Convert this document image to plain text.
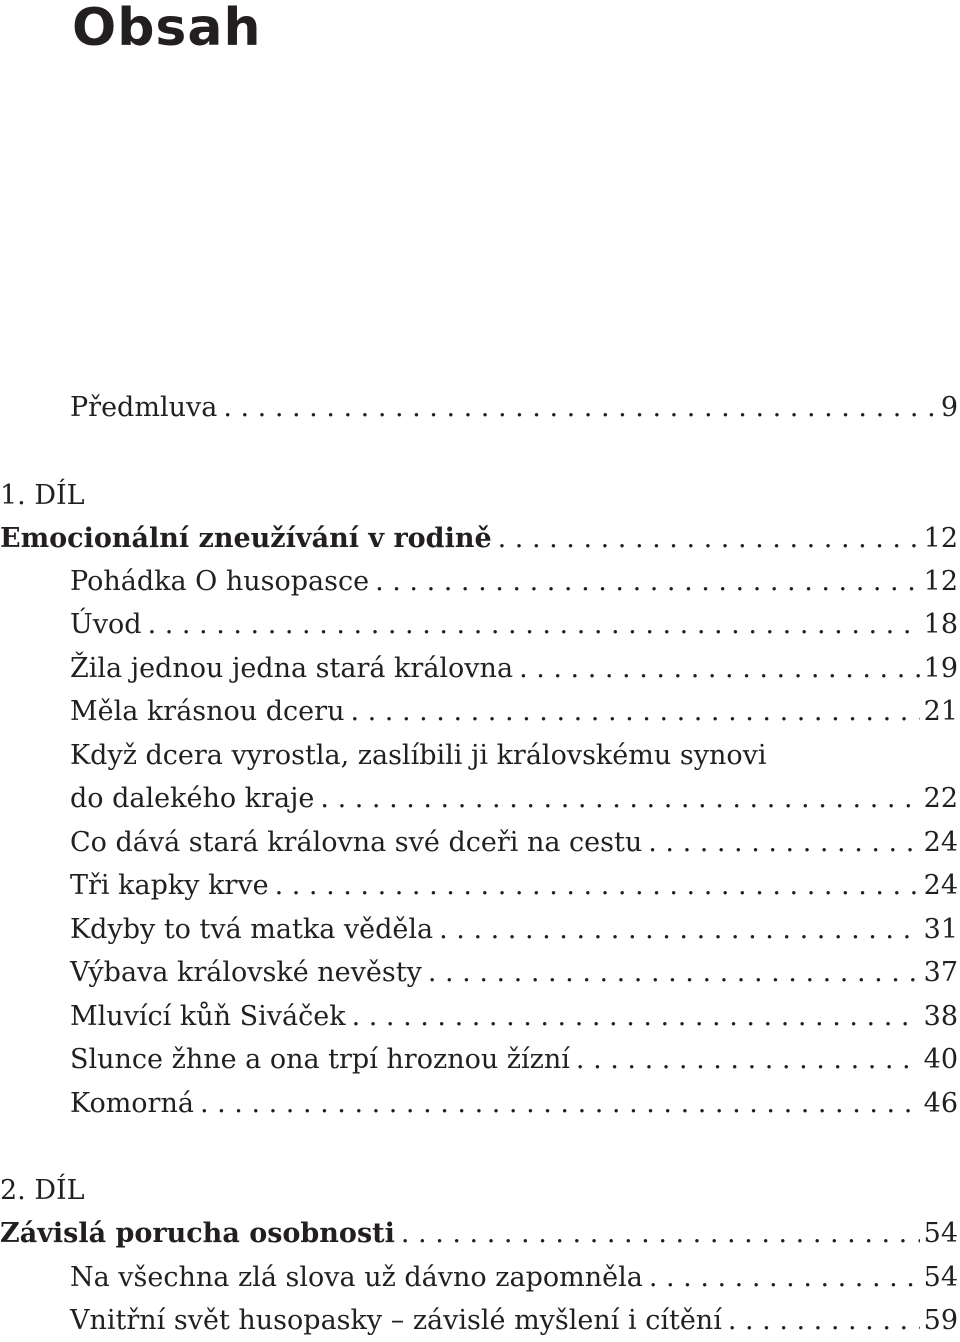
Obsah
Předmluva . . .	9
1. DÍL
Emocionální zneužívání v rodině . . .	12
Pohádka O husopasce . . .	12
Úvod . . .	18
Žila jednou jedna stará královna . . .	19
Měla krásnou dceru . . .	21
Když dcera vyrostla, zaslíbili ji královskému synovi
do dalekého kraje . . .	22
Co dává stará královna své dceři na cestu . . .	24
Tři kapky krve . . .	24
Kdyby to tvá matka věděla . . .	31
Výbava královské nevěsty . . .	37
Mluvící kůň Siváček . . .	38
Slunce žhne a ona trpí hroznou žízní . . .	40
Komorná . . .	46
2. DÍL
Závislá porucha osobnosti . . .	54
Na všechna zlá slova už dávno zapomněla . . .	54
Vnitřní svět husopasky – závislé myšlení i cítění . . .	59
